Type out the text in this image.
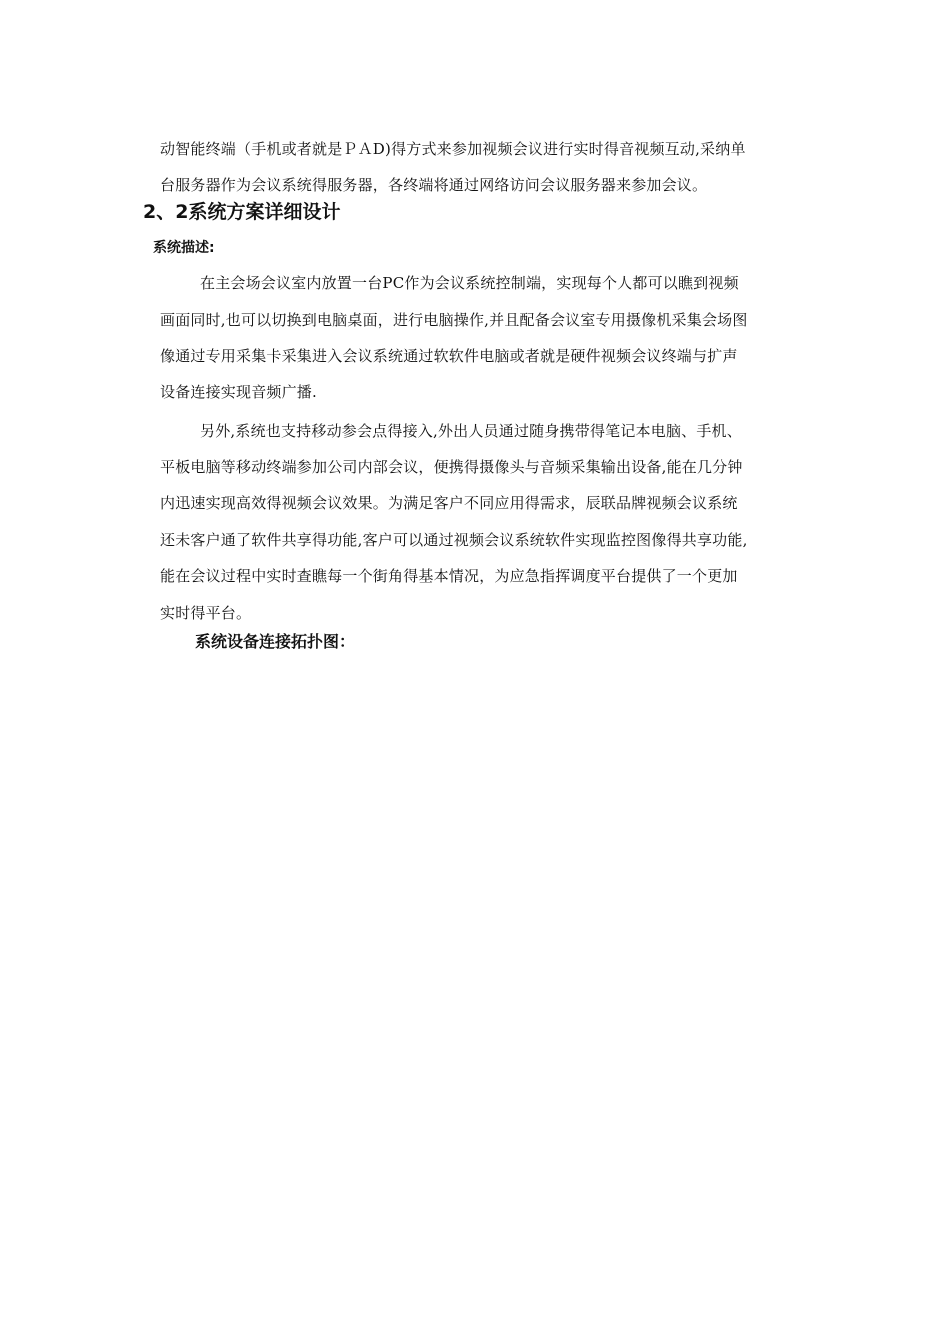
动智能终端（手机或者就是ＰＡD)得方式来参加视频会议进行实时得音视频互动,采纳单
台服务器作为会议系统得服务器，各终端将通过网络访问会议服务器来参加会议。
2、2系统方案详细设计
系统描述:
在主会场会议室内放置一台PC作为会议系统控制端，实现每个人都可以瞧到视频
画面同时,也可以切换到电脑桌面，进行电脑操作,并且配备会议室专用摄像机采集会场图
像通过专用采集卡采集进入会议系统通过软软件电脑或者就是硬件视频会议终端与扩声
设备连接实现音频广播.
另外,系统也支持移动参会点得接入,外出人员通过随身携带得笔记本电脑、手机、
平板电脑等移动终端参加公司内部会议，便携得摄像头与音频采集输出设备,能在几分钟
内迅速实现高效得视频会议效果。为满足客户不同应用得需求，辰联品牌视频会议系统
还未客户通了软件共享得功能,客户可以通过视频会议系统软件实现监控图像得共享功能,
能在会议过程中实时查瞧每一个街角得基本情况，为应急指挥调度平台提供了一个更加
实时得平台。
系统设备连接拓扑图：
